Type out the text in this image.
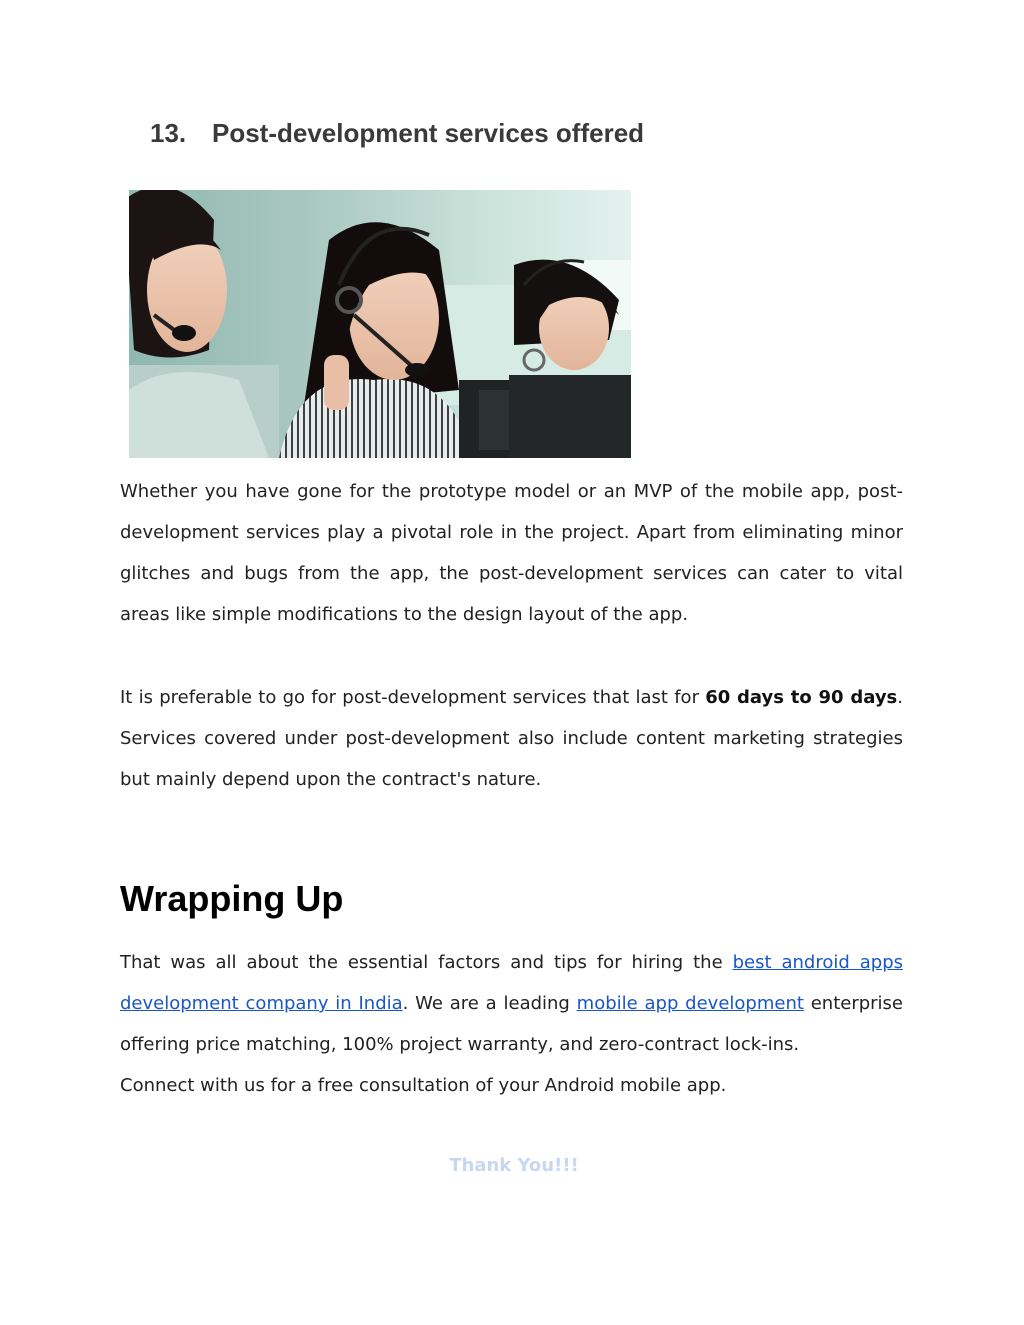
13. Post-development services offered

Whether you have gone for the prototype model or an MVP of the mobile app, post-development services play a pivotal role in the project. Apart from eliminating minor glitches and bugs from the app, the post-development services can cater to vital areas like simple modifications to the design layout of the app.

It is preferable to go for post-development services that last for 60 days to 90 days. Services covered under post-development also include content marketing strategies but mainly depend upon the contract's nature.

Wrapping Up

That was all about the essential factors and tips for hiring the best android apps development company in India. We are a leading mobile app development enterprise offering price matching, 100% project warranty, and zero-contract lock-ins.
Connect with us for a free consultation of your Android mobile app.

Thank You!!!
